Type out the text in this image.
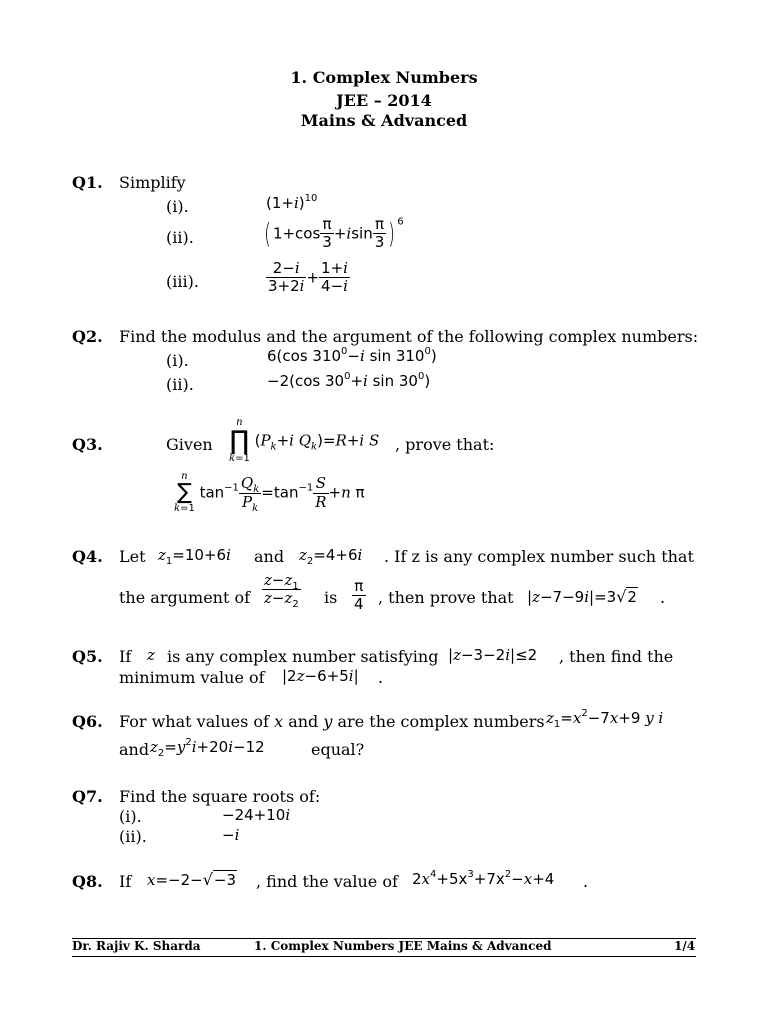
1. Complex Numbers
JEE – 2014
Mains & Advanced
Q1. Simplify
(i).	$(1+i)^{10}$
(ii).	( $1+\cos \frac{\pi}{3} +isin \frac{\pi}{3}$ ) $^6$
(iii).	$\frac{2-i}{3+2i} + \frac{1+i}{4-i}$
Q2. Find the modulus and the argument of the following complex numbers:
(i).	6(cos $310^0-i$ $\sin 310^0$)
(ii).	−2(cos $30^0+i$ $\sin 30^0$)
Q3.	Given
n
∏
k=1
($P_k+i$ $Q_k)=R+i$ S , prove that:
n
∑
k=1
$\tan^{-1} \frac{Q_k}{P_k} =\tan^{-1} \frac{S}{R} +n$ π
Q4. Let $z_1=10+6i$ and $z_2=4+6i$ . If z is any complex number such that
the argument of $\frac{z-z_1}{z-z_2}$ is $\frac{\pi}{4}$ , then prove that |z−7−9i|=3√2 .
Q5. If z is any complex number satisfying |z−3−2i|≤2 , then find the
minimum value of |2z−6+5i| .
Q6. For what values of x and y are the complex numbers $z_1=x^2-7x+9$ y i
and $z_2=y^2i+20i-12$	equal?
Q7. Find the square roots of:
(i).	−24+10i
(ii).	−i
Q8. If x=−2−√−3 , find the value of $2x^4+5x^3+7x^2-x+4$ .
Dr. Rajiv K. Sharda	1. Complex Numbers JEE Mains & Advanced	1/4
